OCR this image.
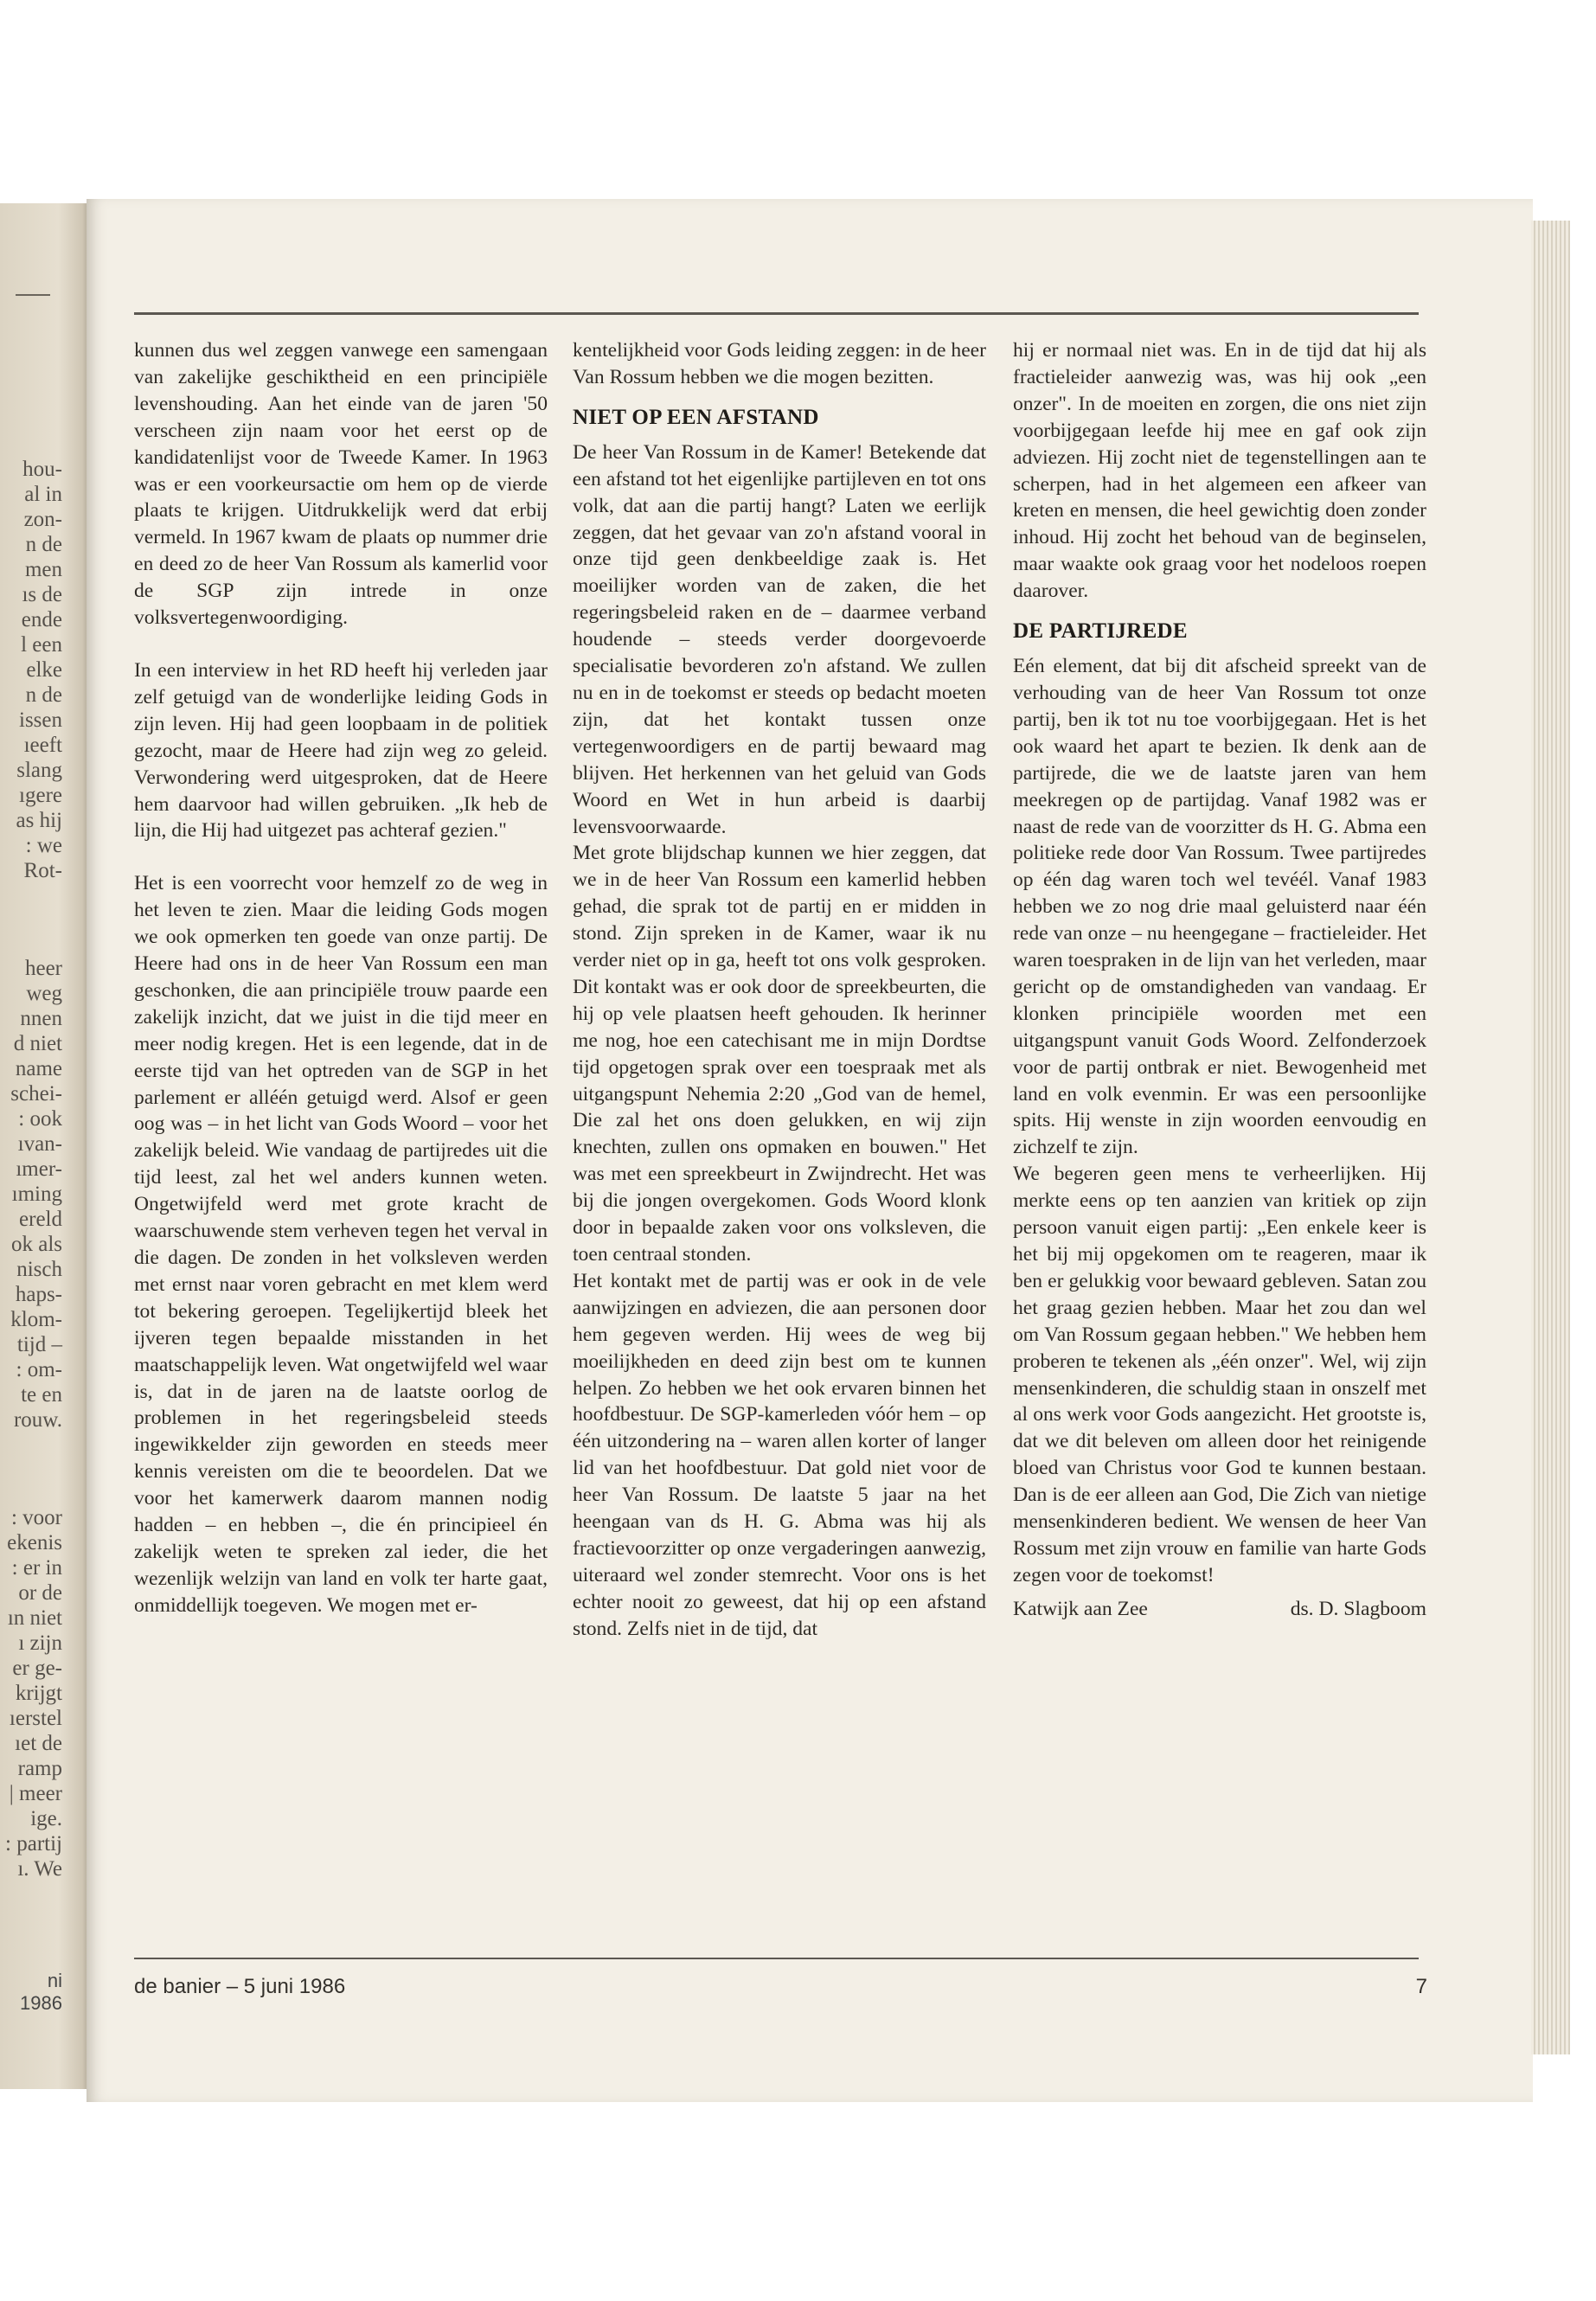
hou-
al in
zon-
n de
men
ıs de
ende
l een
elke
n de
issen
ıeeft
slang
ıgere
as hij
: we
Rot-

heer
weg
nnen
d niet
name
schei-
: ook
ıvan-
ımer-
ıming
ereld
ok als
nisch
haps-
klom-
tijd –
: om-
te en
rouw.

: voor
ekenis
: er in
or de
ın niet
ı zijn
er ge-
krijgt
ıerstel
ıet de
ramp
| meer
ige.
: partij
ı. We

ni 1986

kunnen dus wel zeggen vanwege een samengaan van zakelijke geschiktheid en een principiële levenshouding. Aan het einde van de jaren '50 verscheen zijn naam voor het eerst op de kandidatenlijst voor de Tweede Kamer. In 1963 was er een voorkeursactie om hem op de vierde plaats te krijgen. Uitdrukkelijk werd dat erbij vermeld. In 1967 kwam de plaats op nummer drie en deed zo de heer Van Rossum als kamerlid voor de SGP zijn intrede in onze volksvertegenwoordiging.

In een interview in het RD heeft hij verleden jaar zelf getuigd van de wonderlijke leiding Gods in zijn leven. Hij had geen loopbaam in de politiek gezocht, maar de Heere had zijn weg zo geleid. Verwondering werd uitgesproken, dat de Heere hem daarvoor had willen gebruiken. „Ik heb de lijn, die Hij had uitgezet pas achteraf gezien."

Het is een voorrecht voor hemzelf zo de weg in het leven te zien. Maar die leiding Gods mogen we ook opmerken ten goede van onze partij. De Heere had ons in de heer Van Rossum een man geschonken, die aan principiële trouw paarde een zakelijk inzicht, dat we juist in die tijd meer en meer nodig kregen. Het is een legende, dat in de eerste tijd van het optreden van de SGP in het parlement er alléén getuigd werd. Alsof er geen oog was – in het licht van Gods Woord – voor het zakelijk beleid. Wie vandaag de partijredes uit die tijd leest, zal het wel anders kunnen weten. Ongetwijfeld werd met grote kracht de waarschuwende stem verheven tegen het verval in die dagen. De zonden in het volksleven werden met ernst naar voren gebracht en met klem werd tot bekering geroepen. Tegelijkertijd bleek het ijveren tegen bepaalde misstanden in het maatschappelijk leven. Wat ongetwijfeld wel waar is, dat in de jaren na de laatste oorlog de problemen in het regeringsbeleid steeds ingewikkelder zijn geworden en steeds meer kennis vereisten om die te beoordelen. Dat we voor het kamerwerk daarom mannen nodig hadden – en hebben –, die én principieel én zakelijk weten te spreken zal ieder, die het wezenlijk welzijn van land en volk ter harte gaat, onmiddellijk toegeven. We mogen met er-

kentelijkheid voor Gods leiding zeggen: in de heer Van Rossum hebben we die mogen bezitten.

NIET OP EEN AFSTAND

De heer Van Rossum in de Kamer! Betekende dat een afstand tot het eigenlijke partijleven en tot ons volk, dat aan die partij hangt? Laten we eerlijk zeggen, dat het gevaar van zo'n afstand vooral in onze tijd geen denkbeeldige zaak is. Het moeilijker worden van de zaken, die het regeringsbeleid raken en de – daarmee verband houdende – steeds verder doorgevoerde specialisatie bevorderen zo'n afstand. We zullen nu en in de toekomst er steeds op bedacht moeten zijn, dat het kontakt tussen onze vertegenwoordigers en de partij bewaard mag blijven. Het herkennen van het geluid van Gods Woord en Wet in hun arbeid is daarbij levensvoorwaarde.

Met grote blijdschap kunnen we hier zeggen, dat we in de heer Van Rossum een kamerlid hebben gehad, die sprak tot de partij en er midden in stond. Zijn spreken in de Kamer, waar ik nu verder niet op in ga, heeft tot ons volk gesproken. Dit kontakt was er ook door de spreekbeurten, die hij op vele plaatsen heeft gehouden. Ik herinner me nog, hoe een catechisant me in mijn Dordtse tijd opgetogen sprak over een toespraak met als uitgangspunt Nehemia 2:20 „God van de hemel, Die zal het ons doen gelukken, en wij zijn knechten, zullen ons opmaken en bouwen." Het was met een spreekbeurt in Zwijndrecht. Het was bij die jongen overgekomen. Gods Woord klonk door in bepaalde zaken voor ons volksleven, die toen centraal stonden.

Het kontakt met de partij was er ook in de vele aanwijzingen en adviezen, die aan personen door hem gegeven werden. Hij wees de weg bij moeilijkheden en deed zijn best om te kunnen helpen. Zo hebben we het ook ervaren binnen het hoofdbestuur. De SGP-kamerleden vóór hem – op één uitzondering na – waren allen korter of langer lid van het hoofdbestuur. Dat gold niet voor de heer Van Rossum. De laatste 5 jaar na het heengaan van ds H. G. Abma was hij als fractievoorzitter op onze vergaderingen aanwezig, uiteraard wel zonder stemrecht. Voor ons is het echter nooit zo geweest, dat hij op een afstand stond. Zelfs niet in de tijd, dat

hij er normaal niet was. En in de tijd dat hij als fractieleider aanwezig was, was hij ook „een onzer". In de moeiten en zorgen, die ons niet zijn voorbijgegaan leefde hij mee en gaf ook zijn adviezen. Hij zocht niet de tegenstellingen aan te scherpen, had in het algemeen een afkeer van kreten en mensen, die heel gewichtig doen zonder inhoud. Hij zocht het behoud van de beginselen, maar waakte ook graag voor het nodeloos roepen daarover.

DE PARTIJREDE

Eén element, dat bij dit afscheid spreekt van de verhouding van de heer Van Rossum tot onze partij, ben ik tot nu toe voorbijgegaan. Het is het ook waard het apart te bezien. Ik denk aan de partijrede, die we de laatste jaren van hem meekregen op de partijdag. Vanaf 1982 was er naast de rede van de voorzitter ds H. G. Abma een politieke rede door Van Rossum. Twee partijredes op één dag waren toch wel tevéél. Vanaf 1983 hebben we zo nog drie maal geluisterd naar één rede van onze – nu heengegane – fractieleider. Het waren toespraken in de lijn van het verleden, maar gericht op de omstandigheden van vandaag. Er klonken principiële woorden met een uitgangspunt vanuit Gods Woord. Zelfonderzoek voor de partij ontbrak er niet. Bewogenheid met land en volk evenmin. Er was een persoonlijke spits. Hij wenste in zijn woorden eenvoudig en zichzelf te zijn.

We begeren geen mens te verheerlijken. Hij merkte eens op ten aanzien van kritiek op zijn persoon vanuit eigen partij: „Een enkele keer is het bij mij opgekomen om te reageren, maar ik ben er gelukkig voor bewaard gebleven. Satan zou het graag gezien hebben. Maar het zou dan wel om Van Rossum gegaan hebben." We hebben hem proberen te tekenen als „één onzer". Wel, wij zijn mensenkinderen, die schuldig staan in onszelf met al ons werk voor Gods aangezicht. Het grootste is, dat we dit beleven om alleen door het reinigende bloed van Christus voor God te kunnen bestaan. Dan is de eer alleen aan God, Die Zich van nietige mensenkinderen bedient. We wensen de heer Van Rossum met zijn vrouw en familie van harte Gods zegen voor de toekomst!

Katwijk aan Zee	ds. D. Slagboom
de banier – 5 juni 1986	7
